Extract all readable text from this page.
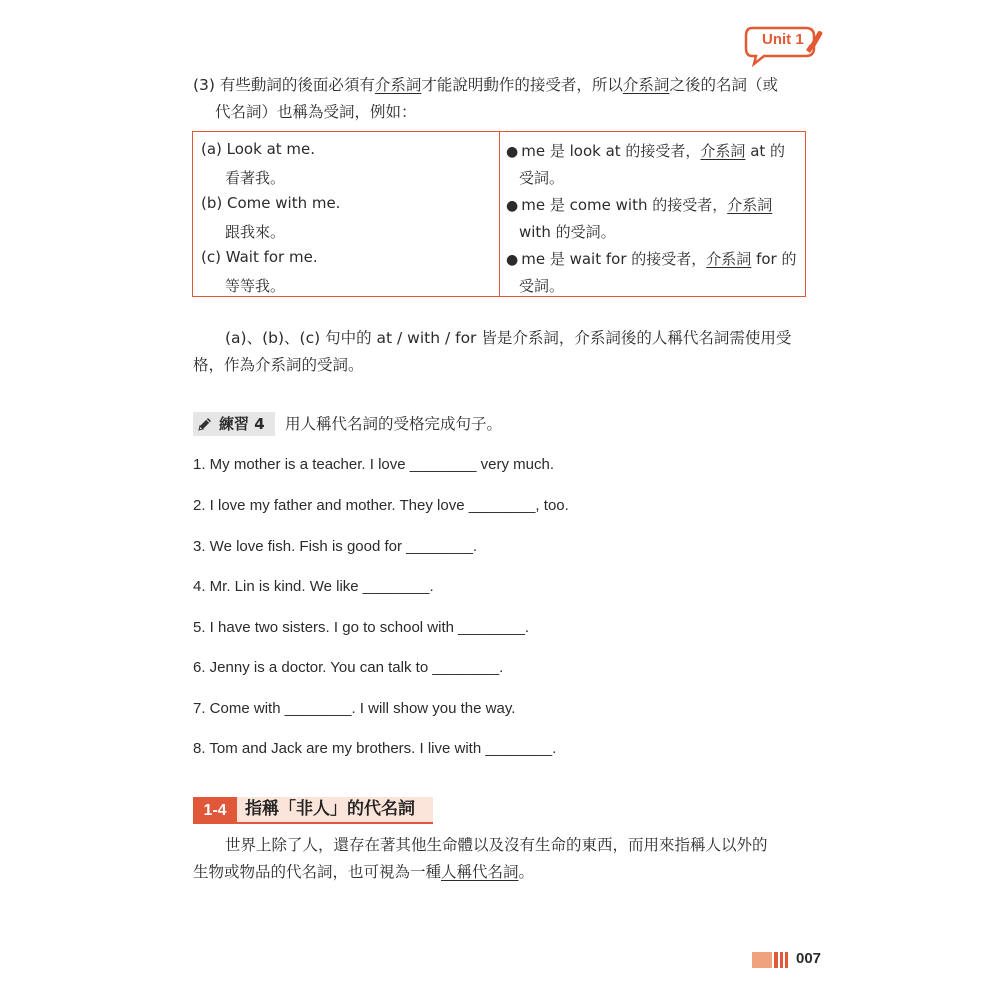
Unit 1
(3) 有些動詞的後面必須有介系詞才能說明動作的接受者，所以介系詞之後的名詞（或
代名詞）也稱為受詞，例如：
(a) Look at me.
看著我。
(b) Come with me.
跟我來。
(c) Wait for me.
等等我。
● me 是 look at 的接受者，介系詞 at 的
受詞。
● me 是 come with 的接受者，介系詞
with 的受詞。
● me 是 wait for 的接受者，介系詞 for 的
受詞。
(a)、(b)、(c) 句中的 at / with / for 皆是介系詞，介系詞後的人稱代名詞需使用受
格，作為介系詞的受詞。
練習 4 用人稱代名詞的受格完成句子。
1. My mother is a teacher. I love ________ very much.
2. I love my father and mother. They love ________, too.
3. We love fish. Fish is good for ________.
4. Mr. Lin is kind. We like ________.
5. I have two sisters. I go to school with ________.
6. Jenny is a doctor. You can talk to ________.
7. Come with ________. I will show you the way.
8. Tom and Jack are my brothers. I live with ________.
1-4	指稱「非人」的代名詞
世界上除了人，還存在著其他生命體以及沒有生命的東西，而用來指稱人以外的
生物或物品的代名詞，也可視為一種人稱代名詞。
007
